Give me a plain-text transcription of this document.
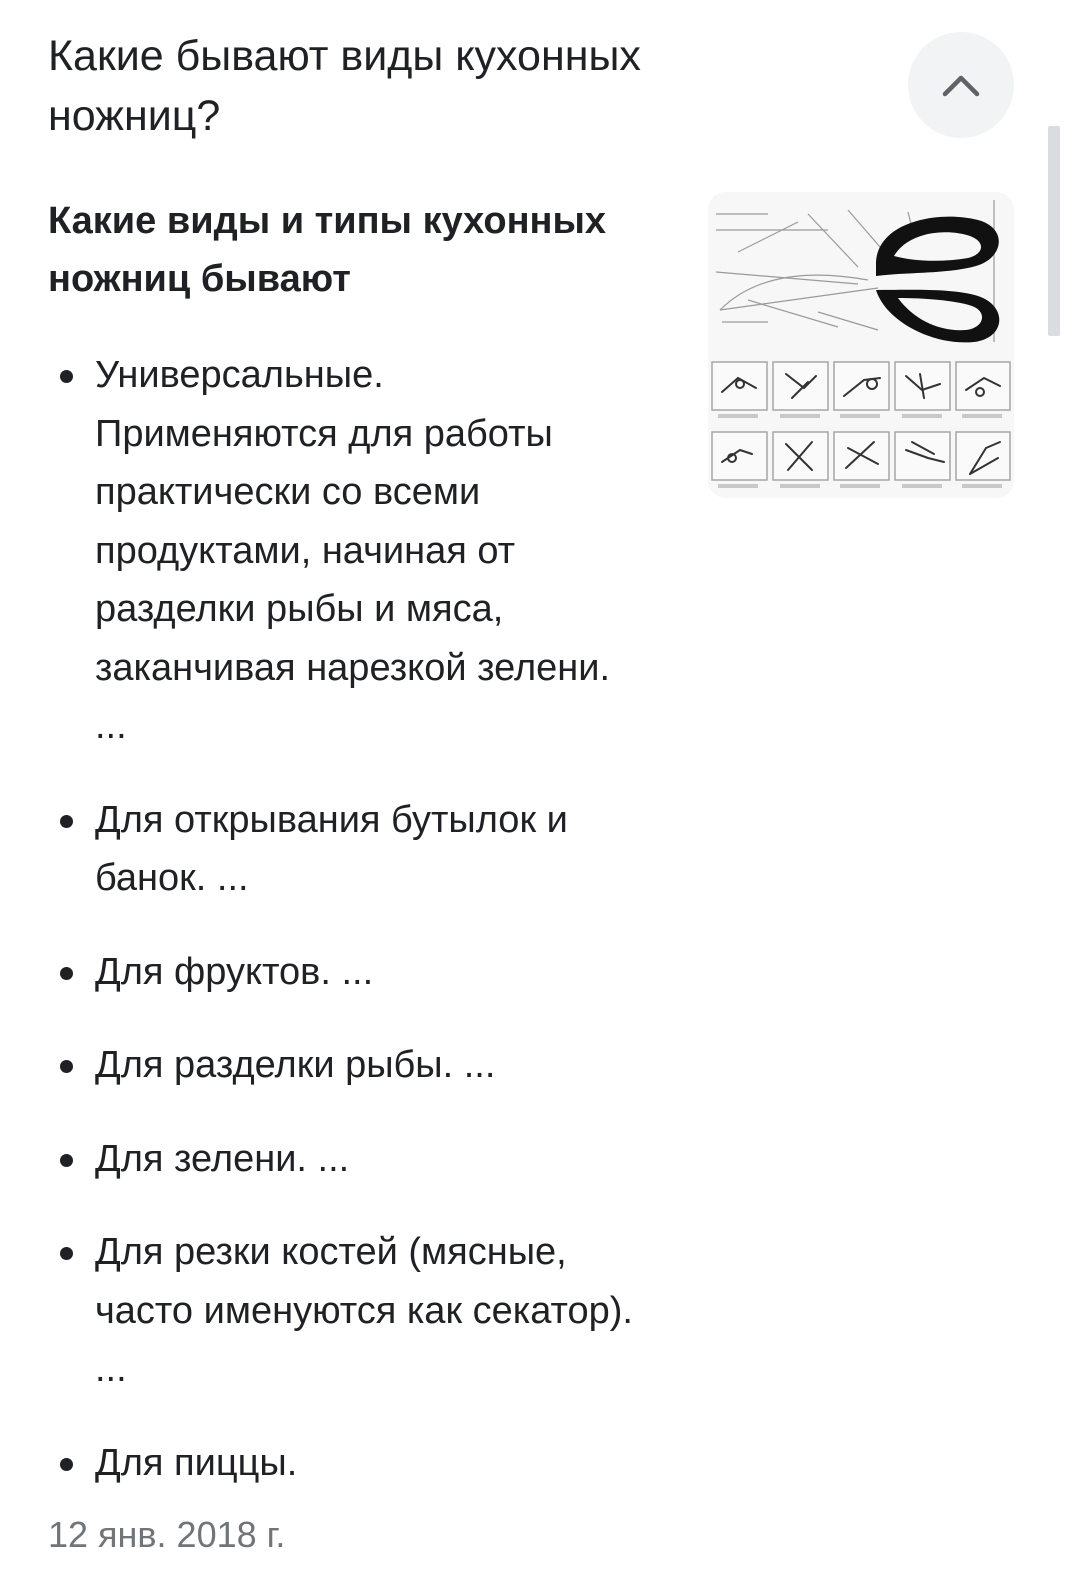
Какие бывают виды кухонных ножниц?
Какие виды и типы кухонных ножниц бывают
Универсальные.
Применяются для работы практически со всеми продуктами, начиная от разделки рыбы и мяса, заканчивая нарезкой зелени.
...
Для открывания бутылок и банок. ...
Для фруктов. ...
Для разделки рыбы. ...
Для зелени. ...
Для резки костей (мясные, часто именуются как секатор). ...
Для пиццы.
12 янв. 2018 г.
